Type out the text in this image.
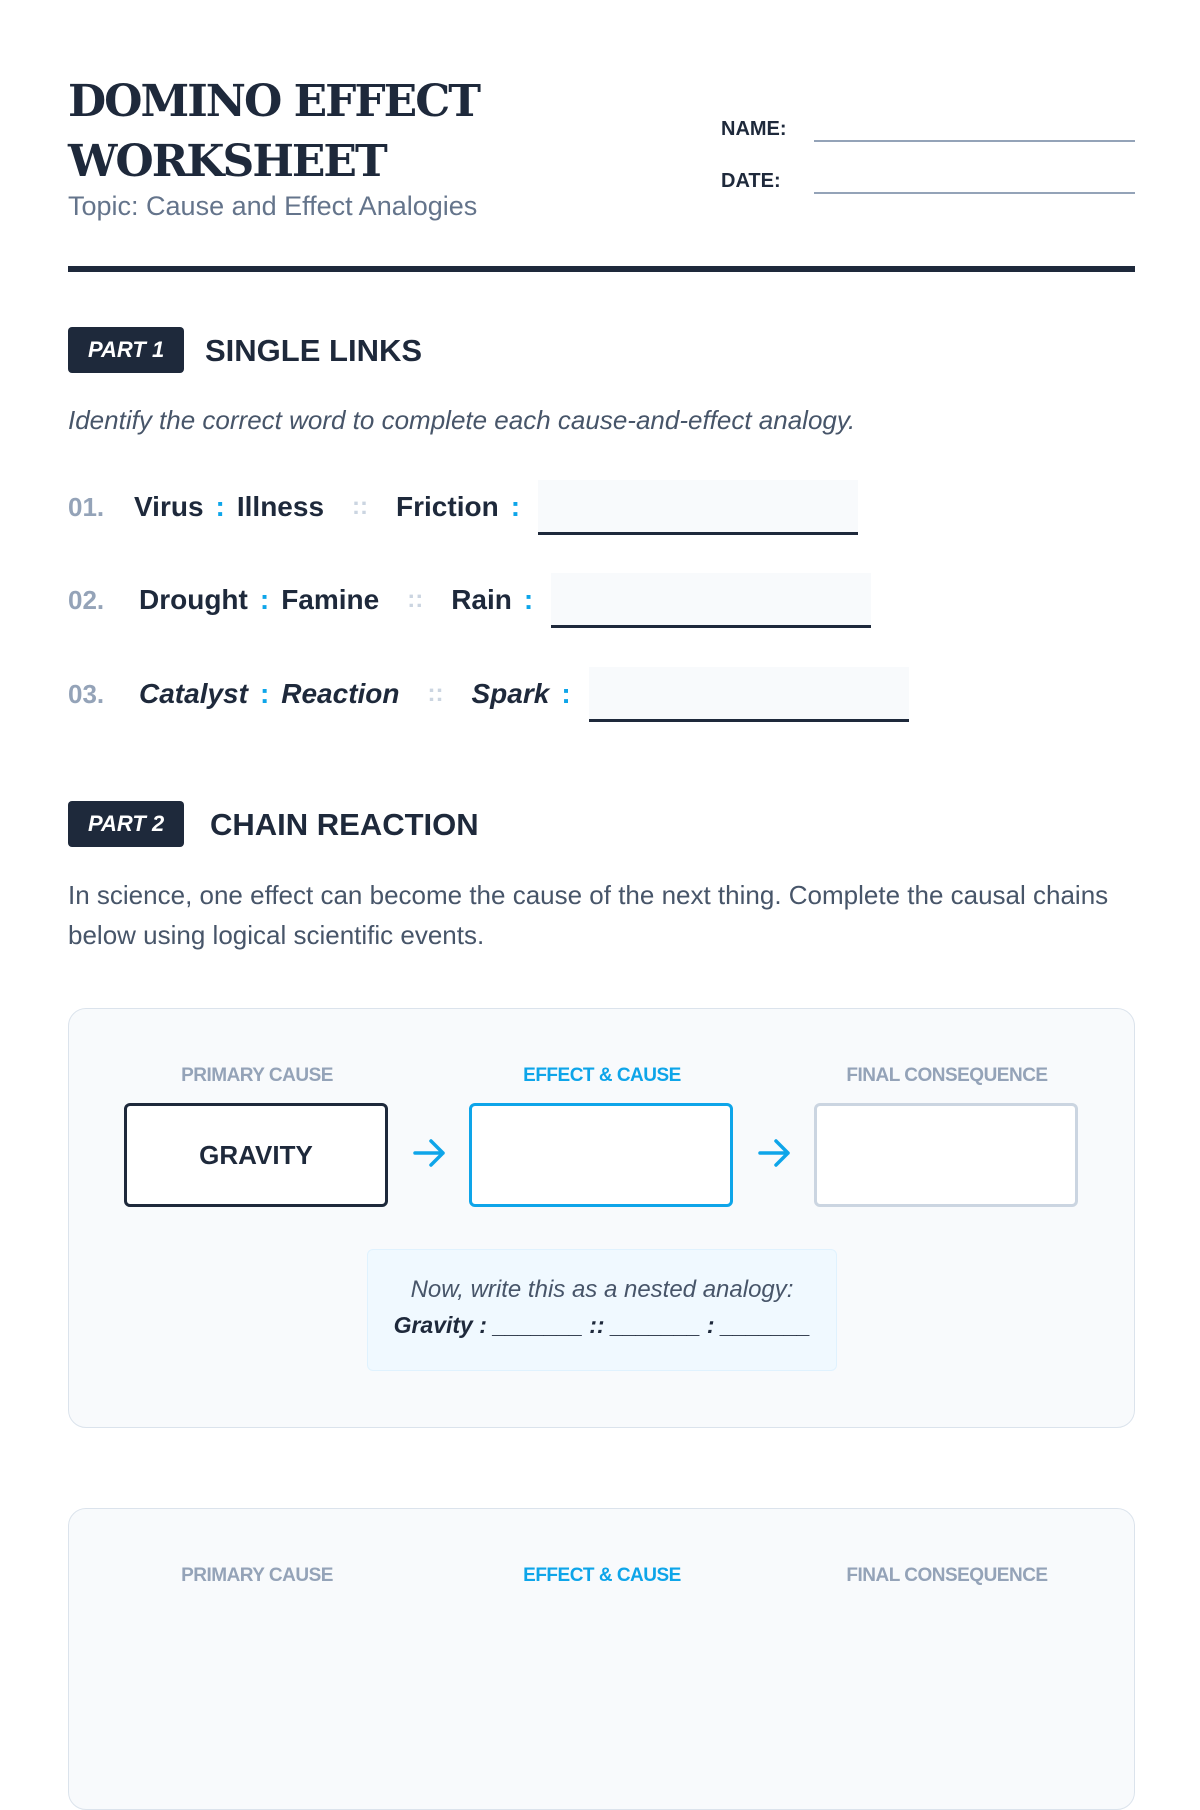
DOMINO EFFECT
WORKSHEET
Topic: Cause and Effect Analogies
NAME:
DATE:
PART 1	SINGLE LINKS
Identify the correct word to complete each cause-and-effect analogy.
01.	Virus : Illness :: Friction :
02.	Drought : Famine :: Rain :
03.	Catalyst : Reaction :: Spark :
PART 2	CHAIN REACTION
In science, one effect can become the cause of the next thing. Complete the causal chains below using logical scientific events.
PRIMARY CAUSE	EFFECT & CAUSE	FINAL CONSEQUENCE
GRAVITY
Now, write this as a nested analogy:
Gravity : _______ :: _______ : _______
PRIMARY CAUSE	EFFECT & CAUSE	FINAL CONSEQUENCE
